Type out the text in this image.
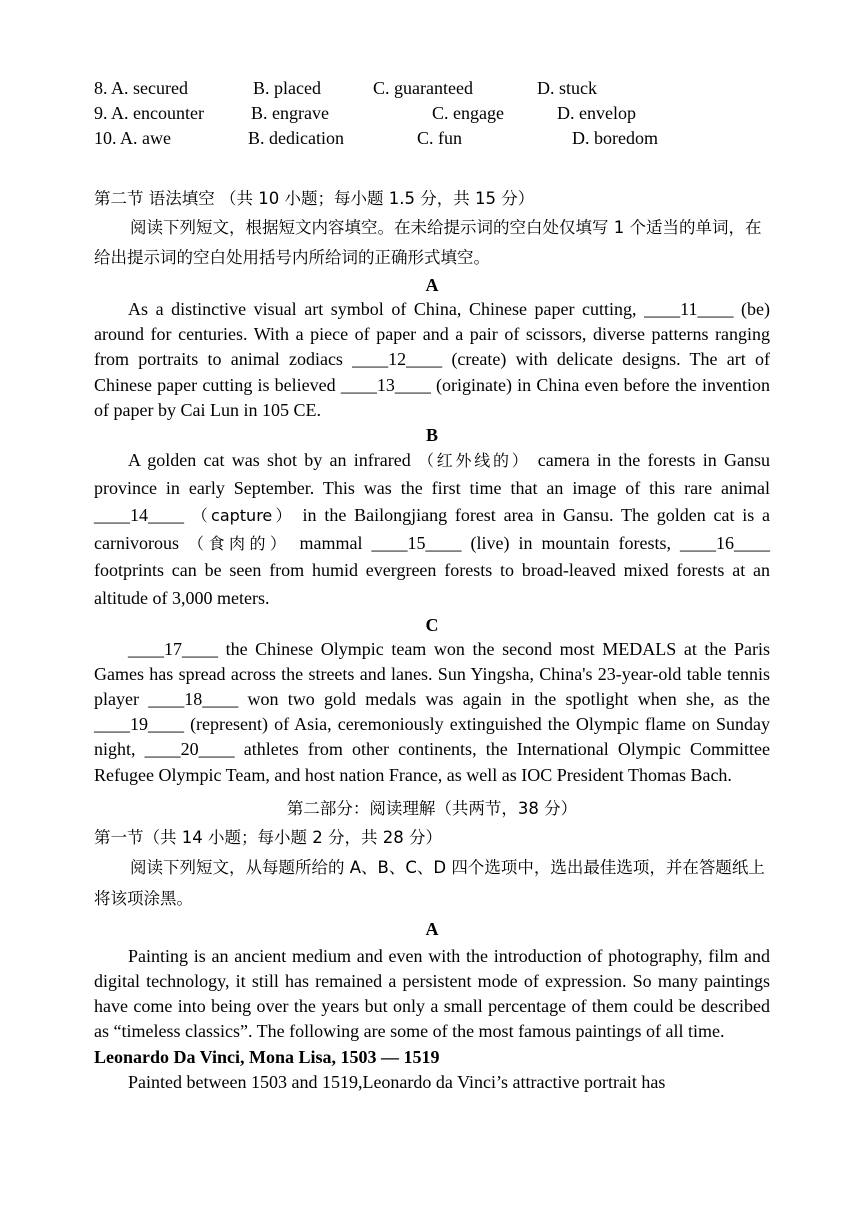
8. A. secured	B. placed	C. guaranteed	D. stuck
9. A. encounter	B. engrave	C. engage	D. envelop
10. A. awe	B. dedication	C. fun	D. boredom
第二节 语法填空 （共 10 小题；每小题 1.5 分，共 15 分）

阅读下列短文，根据短文内容填空。在未给提示词的空白处仅填写 1 个适当的单词，在给出提示词的空白处用括号内所给词的正确形式填空。

A

As a distinctive visual art symbol of China, Chinese paper cutting, ____11____ (be) around for centuries. With a piece of paper and a pair of scissors, diverse patterns ranging from portraits to animal zodiacs ____12____ (create) with delicate designs. The art of Chinese paper cutting is believed ____13____ (originate) in China even before the invention of paper by Cai Lun in 105 CE.

B

A golden cat was shot by an infrared （红外线的） camera in the forests in Gansu province in early September. This was the first time that an image of this rare animal ____14____ （capture） in the Bailongjiang forest area in Gansu. The golden cat is a carnivorous （食肉的） mammal ____15____ (live) in mountain forests, ____16____ footprints can be seen from humid evergreen forests to broad-leaved mixed forests at an altitude of 3,000 meters.

C

____17____ the Chinese Olympic team won the second most MEDALS at the Paris Games has spread across the streets and lanes. Sun Yingsha, China's 23-year-old table tennis player ____18____ won two gold medals was again in the spotlight when she, as the ____19____ (represent) of Asia, ceremoniously extinguished the Olympic flame on Sunday night, ____20____ athletes from other continents, the International Olympic Committee Refugee Olympic Team, and host nation France, as well as IOC President Thomas Bach.

第二部分：阅读理解（共两节，38 分）
第一节（共 14 小题；每小题 2 分，共 28 分）

阅读下列短文，从每题所给的 A、B、C、D 四个选项中，选出最佳选项，并在答题纸上将该项涂黑。

A

Painting is an ancient medium and even with the introduction of photography, film and digital technology, it still has remained a persistent mode of expression. So many paintings have come into being over the years but only a small percentage of them could be described as “timeless classics”. The following are some of the most famous paintings of all time.

Leonardo Da Vinci, Mona Lisa, 1503 — 1519

Painted between 1503 and 1519,Leonardo da Vinci’s attractive portrait has
